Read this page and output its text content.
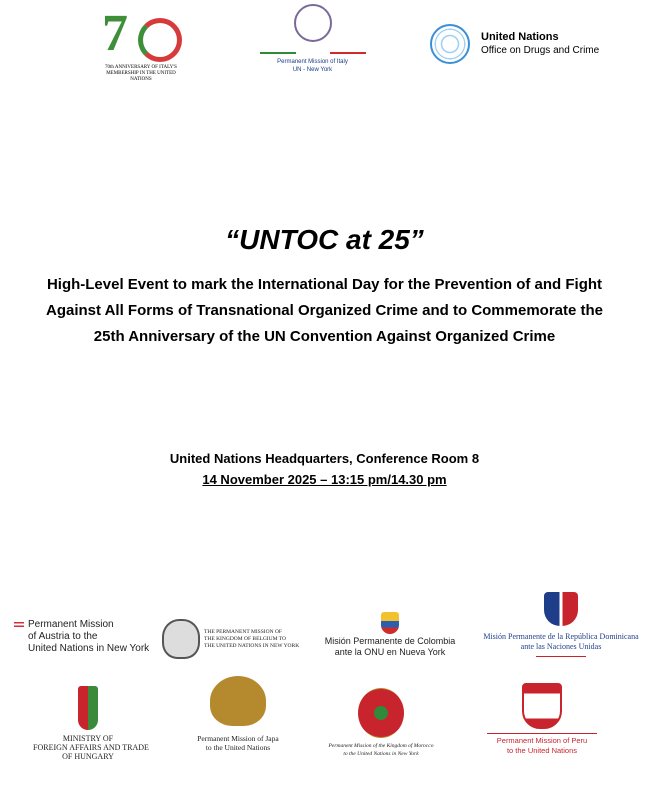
7
70th ANNIVERSARY OF ITALY'S MEMBERSHIP IN THE UNITED NATIONS
Permanent Mission of Italy
UN - New York
United Nations
Office on Drugs and Crime
“UNTOC at 25”
High-Level Event to mark the International Day for the Prevention of and Fight Against All Forms of Transnational Organized Crime and to Commemorate the 25th Anniversary of the UN Convention Against Organized Crime
United Nations Headquarters, Conference Room 8
14 November 2025 – 13:15 pm/14.30 pm
Permanent Mission
of Austria to the
United Nations in New York
THE PERMANENT MISSION OF
THE KINGDOM OF BELGIUM TO
THE UNITED NATIONS IN NEW YORK	Misión Permanente de Colombia
ante la ONU en Nueva York
Misión Permanente de la República Dominicana
ante las Naciones Unidas
MINISTRY OF
FOREIGN AFFAIRS AND TRADE
OF HUNGARY
Permanent Mission of Japa
to the United Nations	Permanent Mission of the Kingdom of Morocco
to the United Nations in New York
Permanent Mission of Peru
to the United Nations
